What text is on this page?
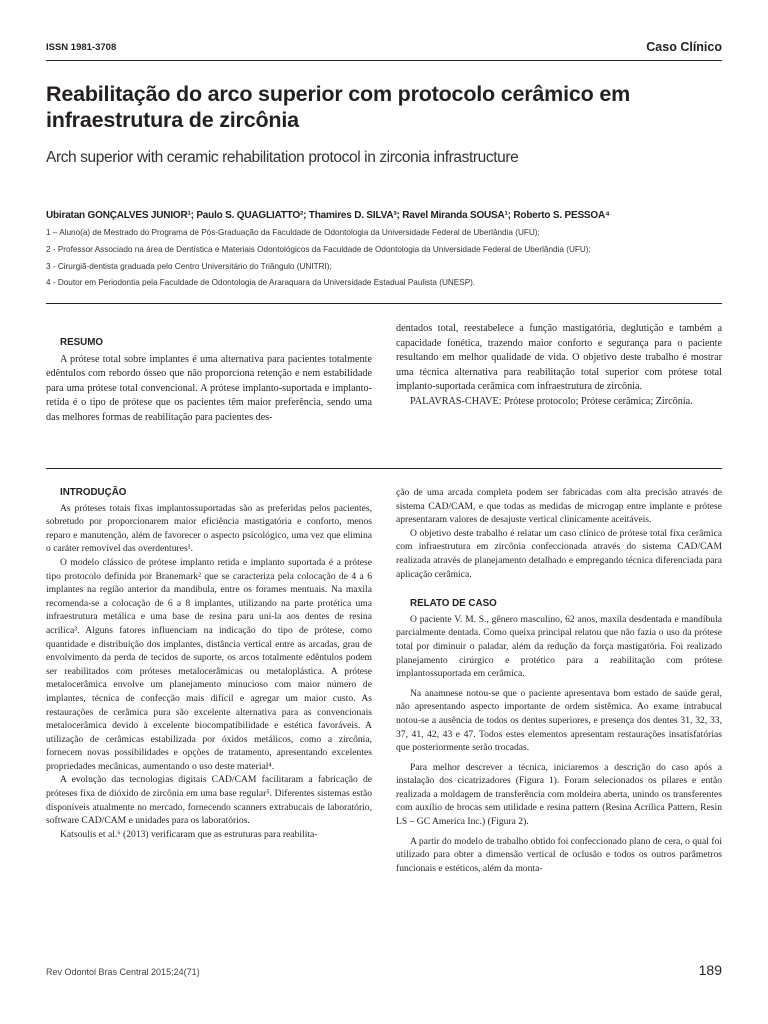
ISSN 1981-3708	Caso Clínico
Reabilitação do arco superior com protocolo cerâmico em infraestrutura de zircônia
Arch superior with ceramic rehabilitation protocol in zirconia infrastructure
Ubiratan GONÇALVES JUNIOR¹; Paulo S. QUAGLIATTO²; Thamires D. SILVA³; Ravel Miranda SOUSA¹; Roberto S. PESSOA⁴
1 – Aluno(a) de Mestrado do Programa de Pós-Graduação da Faculdade de Odontologia da Universidade Federal de Uberlândia (UFU);
2 - Professor Associado na área de Dentística e Materiais Odontológicos da Faculdade de Odontologia da Universidade Federal de Uberlândia (UFU);
3 - Cirurgiã-dentista graduada pelo Centro Universitário do Triângulo (UNITRI);
4 - Doutor em Periodontia pela Faculdade de Odontologia de Araraquara da Universidade Estadual Paulista (UNESP).
RESUMO

A prótese total sobre implantes é uma alternativa para pacientes totalmente edêntulos com rebordo ósseo que não proporciona retenção e nem estabilidade para uma prótese total convencional. A prótese implanto-suportada e implanto-retida é o tipo de prótese que os pacientes têm maior preferência, sendo uma das melhores formas de reabilitação para pacientes des-

dentados total, reestabelece a função mastigatória, deglutição e também a capacidade fonética, trazendo maior conforto e segurança para o paciente resultando em melhor qualidade de vida. O objetivo deste trabalho é mostrar uma técnica alternativa para reabilitação total superior com prótese total implanto-suportada cerâmica com infraestrutura de zircônia.

PALAVRAS-CHAVE: Prótese protocolo; Prótese cerâmica; Zircônia.

INTRODUÇÃO

As próteses totais fixas implantossuportadas são as preferidas pelos pacientes, sobretudo por proporcionarem maior eficiência mastigatória e conforto, menos reparo e manutenção, além de favorecer o aspecto psicológico, uma vez que elimina o caráter removível das overdentures¹.

O modelo clássico de prótese implanto retida e implanto suportada é a prótese tipo protocolo definida por Branemark² que se caracteriza pela colocação de 4 a 6 implantes na região anterior da mandíbula, entre os forames mentuais. Na maxila recomenda-se a colocação de 6 a 8 implantes, utilizando na parte protética uma infraestrutura metálica e uma base de resina para uni-la aos dentes de resina acrílica³. Alguns fatores influenciam na indicação do tipo de prótese, como quantidade e distribuição dos implantes, distância vertical entre as arcadas, grau de envolvimento da perda de tecidos de suporte, os arcos totalmente edêntulos podem ser reabilitados com próteses metalocerâmicas ou metaloplástica. A prótese metalocerâmica envolve um planejamento minucioso com maior número de implantes, técnica de confecção mais difícil e agregar um maior custo. As restaurações de cerâmica pura são excelente alternativa para as convencionais metalocerâmica devido à excelente biocompatibilidade e estética favoráveis. A utilização de cerâmicas estabilizada por óxidos metálicos, como a zircônia, fornecem novas possibilidades e opções de tratamento, apresentando excelentes propriedades mecânicas, aumentando o uso deste material⁴.

A evolução das tecnologias digitais CAD/CAM facilitaram a fabricação de próteses fixa de dióxido de zircônia em uma base regular⁵. Diferentes sistemas estão disponíveis atualmente no mercado, fornecendo scanners extrabucais de laboratório, software CAD/CAM e unidades para os laboratórios.

Katsoulis et al.⁶ (2013) verificaram que as estruturas para reabilita-

ção de uma arcada completa podem ser fabricadas com alta precisão através de sistema CAD/CAM, e que todas as medidas de microgap entre implante e prótese apresentaram valores de desajuste vertical clinicamente aceitáveis.

O objetivo deste trabalho é relatar um caso clínico de prótese total fixa cerâmica com infraestrutura em zircônia confeccionada através do sistema CAD/CAM realizada através de planejamento detalhado e empregando técnica diferenciada para aplicação cerâmica.

RELATO DE CASO

O paciente V. M. S., gênero masculino, 62 anos, maxila desdentada e mandíbula parcialmente dentada. Como queixa principal relatou que não fazia o uso da prótese total por diminuir o paladar, além da redução da força mastigatória. Foi realizado planejamento cirúrgico e protético para a reabilitação com prótese implantossuportada em cerâmica.

Na anamnese notou-se que o paciente apresentava bom estado de saúde geral, não apresentando aspecto importante de ordem sistêmica. Ao exame intrabucal notou-se a ausência de todos os dentes superiores, e presença dos dentes 31, 32, 33, 37, 41, 42, 43 e 47. Todos estes elementos apresentam restaurações insatisfatórias que posteriormente serão trocadas.

Para melhor descrever a técnica, iniciaremos a descrição do caso após a instalação dos cicatrizadores (Figura 1). Foram selecionados os pilares e então realizada a moldagem de transferência com moldeira aberta, unindo os transferentes com auxílio de brocas sem utilidade e resina pattern (Resina Acrílica Pattern, Resin LS – GC America Inc.) (Figura 2).

A partir do modelo de trabalho obtido foi confeccionado plano de cera, o qual foi utilizado para obter a dimensão vertical de oclusão e todos os outros parâmetros funcionais e estéticos, além da monta-

Rev Odontol Bras Central 2015;24(71)	189
